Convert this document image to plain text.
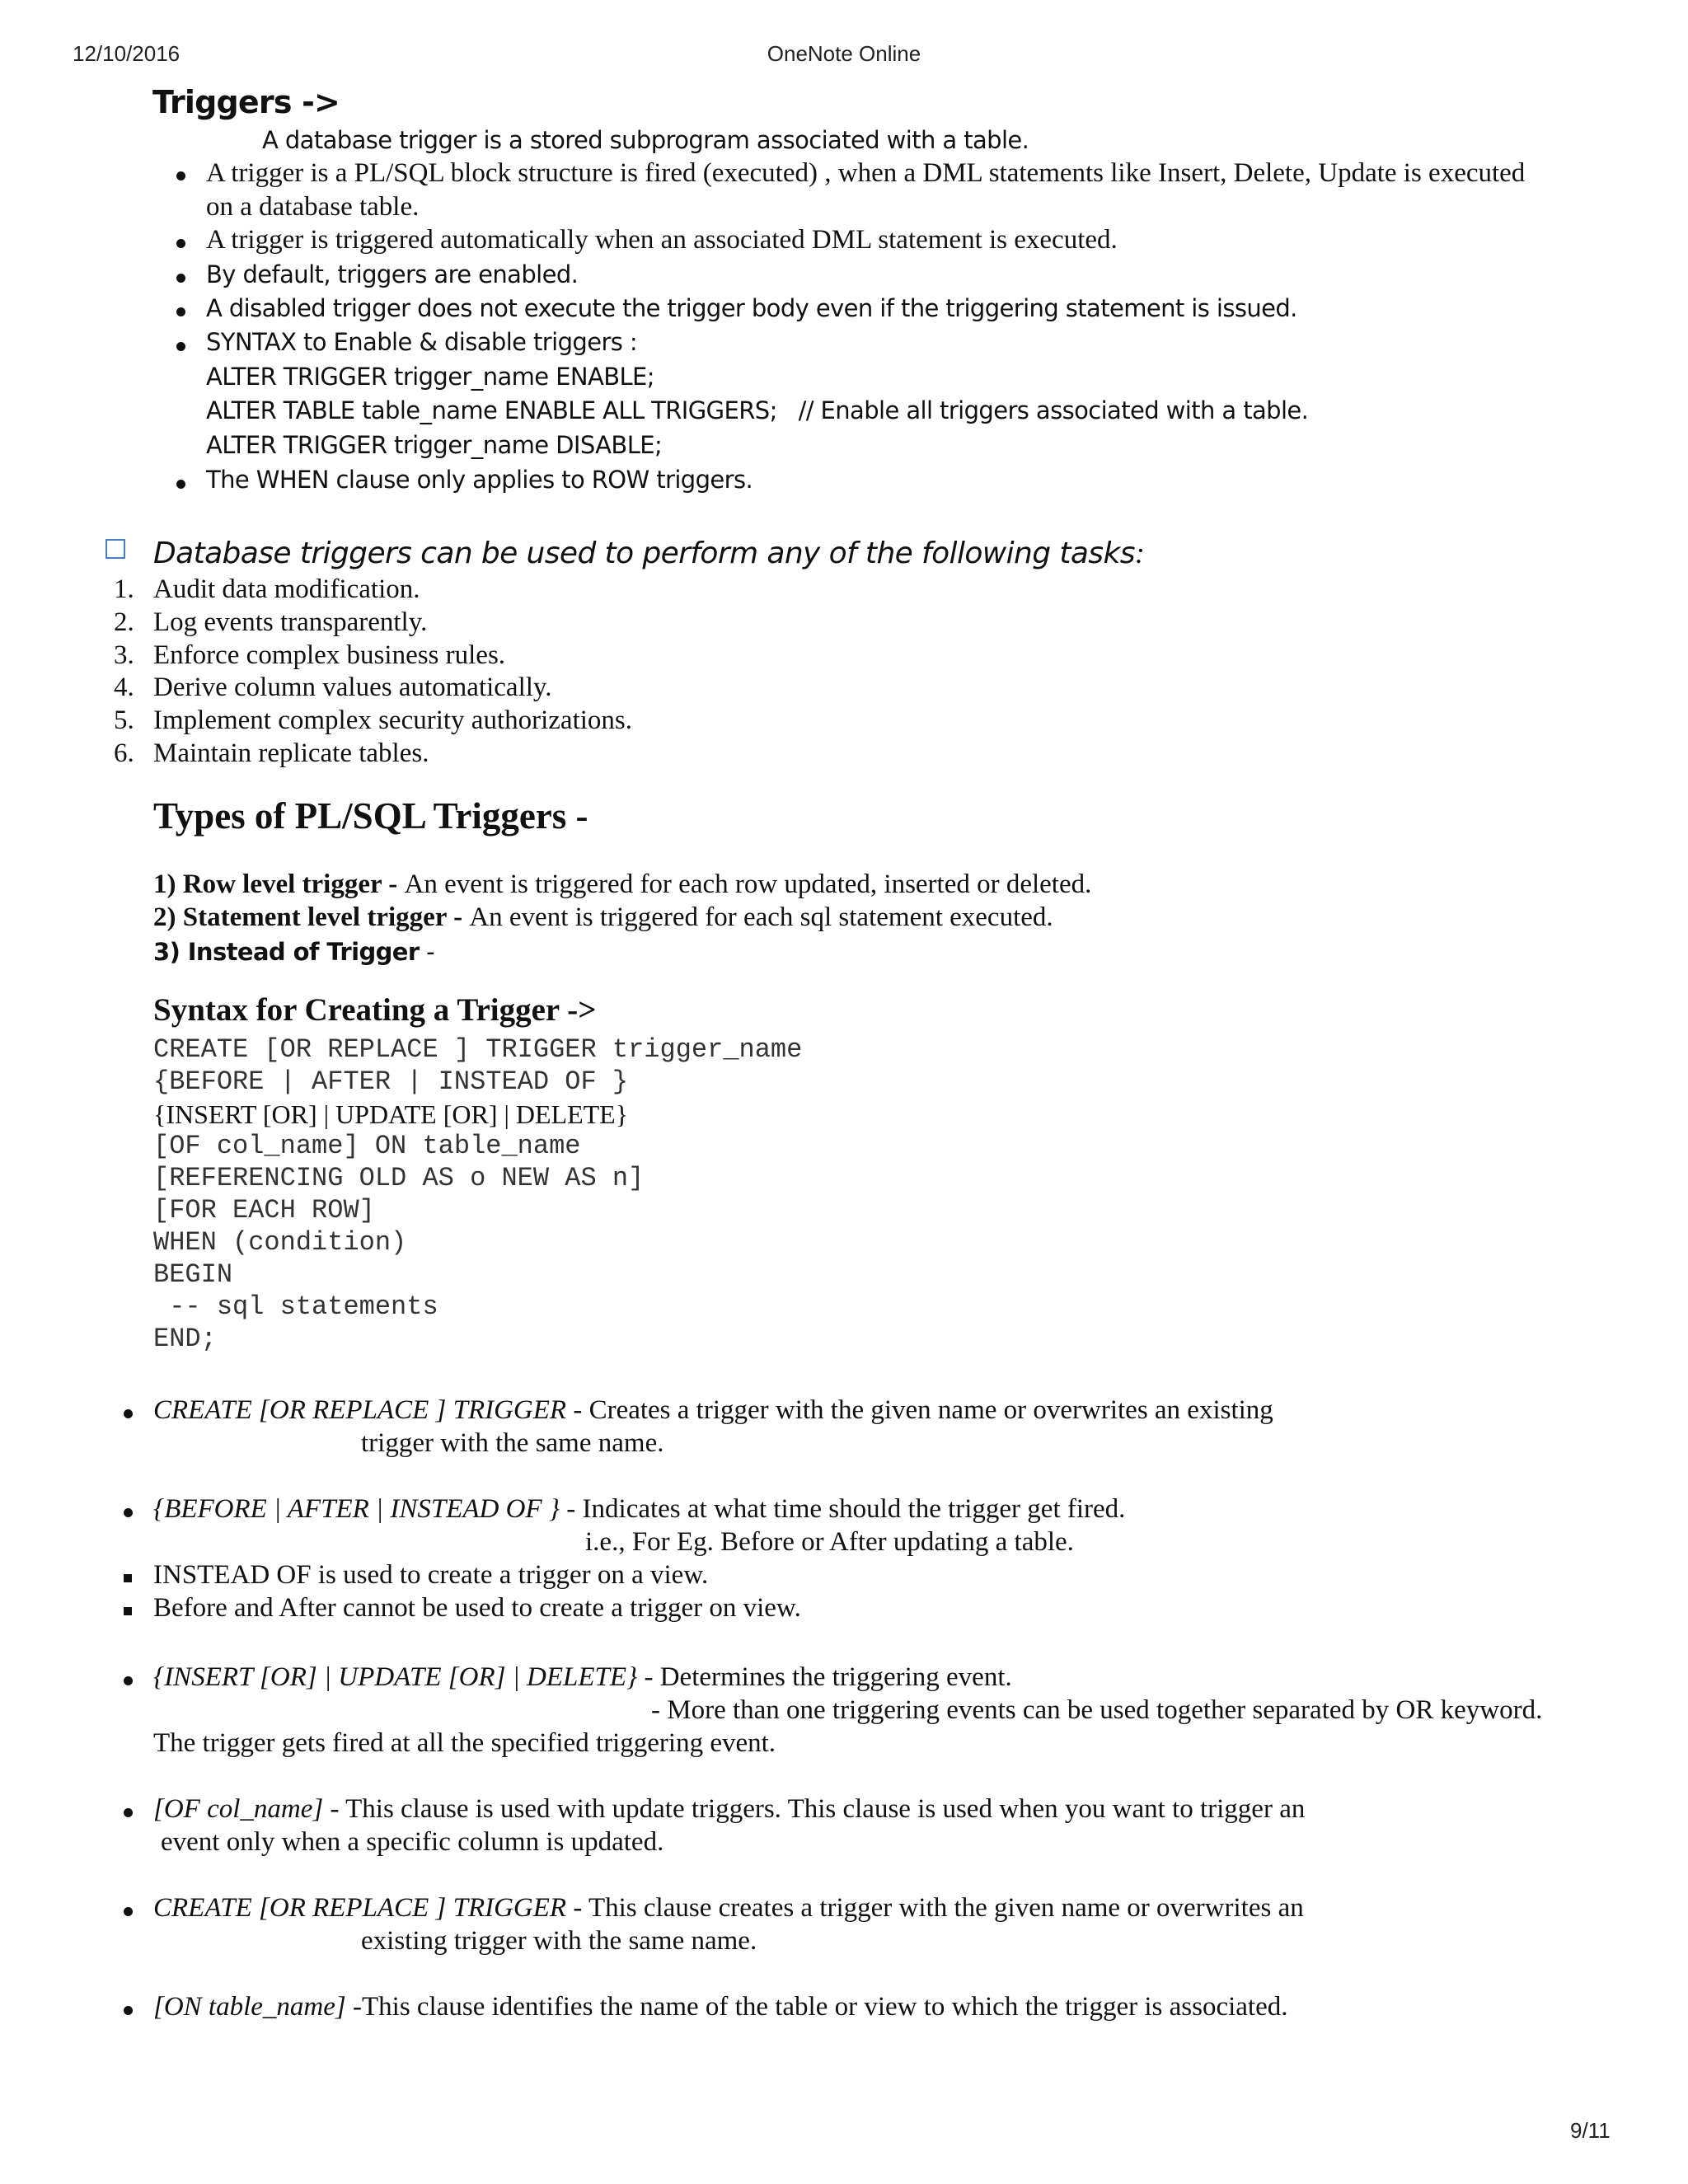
12/10/2016	OneNote Online
Triggers ->
A database trigger is a stored subprogram associated with a table.
A trigger is a PL/SQL block structure is fired (executed) , when a DML statements like Insert, Delete, Update is executed
on a database table.
A trigger is triggered automatically when an associated DML statement is executed.
By default, triggers are enabled.
A disabled trigger does not execute the trigger body even if the triggering statement is issued.
SYNTAX to Enable & disable triggers :
ALTER TRIGGER trigger_name ENABLE;
ALTER TABLE table_name ENABLE ALL TRIGGERS;   // Enable all triggers associated with a table.
ALTER TRIGGER trigger_name DISABLE;
The WHEN clause only applies to ROW triggers.
Database triggers can be used to perform any of the following tasks:
1. Audit data modification.
2. Log events transparently.
3. Enforce complex business rules.
4. Derive column values automatically.
5. Implement complex security authorizations.
6. Maintain replicate tables.
Types of PL/SQL Triggers -
1) Row level trigger - An event is triggered for each row updated, inserted or deleted.
2) Statement level trigger - An event is triggered for each sql statement executed.
3) Instead of Trigger -
Syntax for Creating a Trigger ->
CREATE [OR REPLACE ] TRIGGER trigger_name
{BEFORE | AFTER | INSTEAD OF }
{INSERT [OR] | UPDATE [OR] | DELETE}
[OF col_name] ON table_name
[REFERENCING OLD AS o NEW AS n]
[FOR EACH ROW]
WHEN (condition)
BEGIN
-- sql statements
END;
CREATE [OR REPLACE ] TRIGGER - Creates a trigger with the given name or overwrites an existing
trigger with the same name.
{BEFORE | AFTER | INSTEAD OF } - Indicates at what time should the trigger get fired.
i.e., For Eg. Before or After updating a table.
INSTEAD OF is used to create a trigger on a view.
Before and After cannot be used to create a trigger on view.
{INSERT [OR] | UPDATE [OR] | DELETE} - Determines the triggering event.
- More than one triggering events can be used together separated by OR keyword.
The trigger gets fired at all the specified triggering event.
[OF col_name] - This clause is used with update triggers. This clause is used when you want to trigger an
event only when a specific column is updated.
CREATE [OR REPLACE ] TRIGGER - This clause creates a trigger with the given name or overwrites an
existing trigger with the same name.
[ON table_name] -This clause identifies the name of the table or view to which the trigger is associated.
9/11
